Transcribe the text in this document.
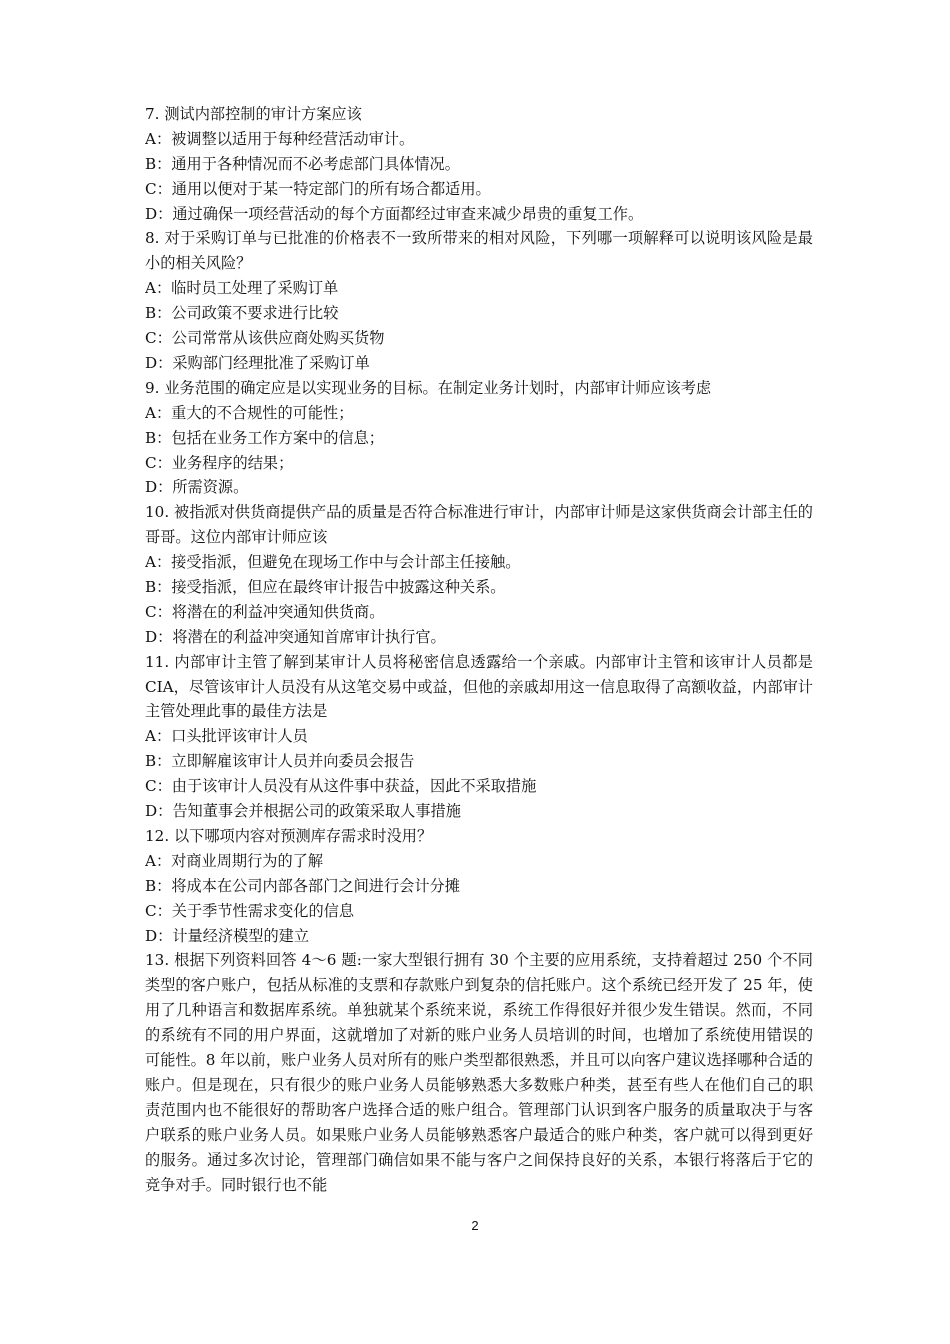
7. 测试内部控制的审计方案应该
A：被调整以适用于每种经营活动审计。
B：通用于各种情况而不必考虑部门具体情况。
C：通用以便对于某一特定部门的所有场合都适用。
D：通过确保一项经营活动的每个方面都经过审查来减少昂贵的重复工作。
8. 对于采购订单与已批准的价格表不一致所带来的相对风险，下列哪一项解释可以说明该风险是最小的相关风险？
A：临时员工处理了采购订单
B：公司政策不要求进行比较
C：公司常常从该供应商处购买货物
D：采购部门经理批准了采购订单
9. 业务范围的确定应是以实现业务的目标。在制定业务计划时，内部审计师应该考虑
A：重大的不合规性的可能性；
B：包括在业务工作方案中的信息；
C：业务程序的结果；
D：所需资源。
10. 被指派对供货商提供产品的质量是否符合标准进行审计，内部审计师是这家供货商会计部主任的哥哥。这位内部审计师应该
A：接受指派，但避免在现场工作中与会计部主任接触。
B：接受指派，但应在最终审计报告中披露这种关系。
C：将潜在的利益冲突通知供货商。
D：将潜在的利益冲突通知首席审计执行官。
11. 内部审计主管了解到某审计人员将秘密信息透露给一个亲戚。内部审计主管和该审计人员都是 CIA，尽管该审计人员没有从这笔交易中或益，但他的亲戚却用这一信息取得了高额收益，内部审计主管处理此事的最佳方法是
A：口头批评该审计人员
B：立即解雇该审计人员并向委员会报告
C：由于该审计人员没有从这件事中获益，因此不采取措施
D：告知董事会并根据公司的政策采取人事措施
12. 以下哪项内容对预测库存需求时没用？
A：对商业周期行为的了解
B：将成本在公司内部各部门之间进行会计分摊
C：关于季节性需求变化的信息
D：计量经济模型的建立
13. 根据下列资料回答 4～6 题:一家大型银行拥有 30 个主要的应用系统，支持着超过 250 个不同类型的客户账户，包括从标准的支票和存款账户到复杂的信托账户。这个系统已经开发了 25 年，使用了几种语言和数据库系统。单独就某个系统来说，系统工作得很好并很少发生错误。然而，不同的系统有不同的用户界面，这就增加了对新的账户业务人员培训的时间，也增加了系统使用错误的可能性。8 年以前，账户业务人员对所有的账户类型都很熟悉，并且可以向客户建议选择哪种合适的账户。但是现在，只有很少的账户业务人员能够熟悉大多数账户种类，甚至有些人在他们自己的职责范围内也不能很好的帮助客户选择合适的账户组合。管理部门认识到客户服务的质量取决于与客户联系的账户业务人员。如果账户业务人员能够熟悉客户最适合的账户种类，客户就可以得到更好的服务。通过多次讨论，管理部门确信如果不能与客户之间保持良好的关系，本银行将落后于它的竞争对手。同时银行也不能
2
